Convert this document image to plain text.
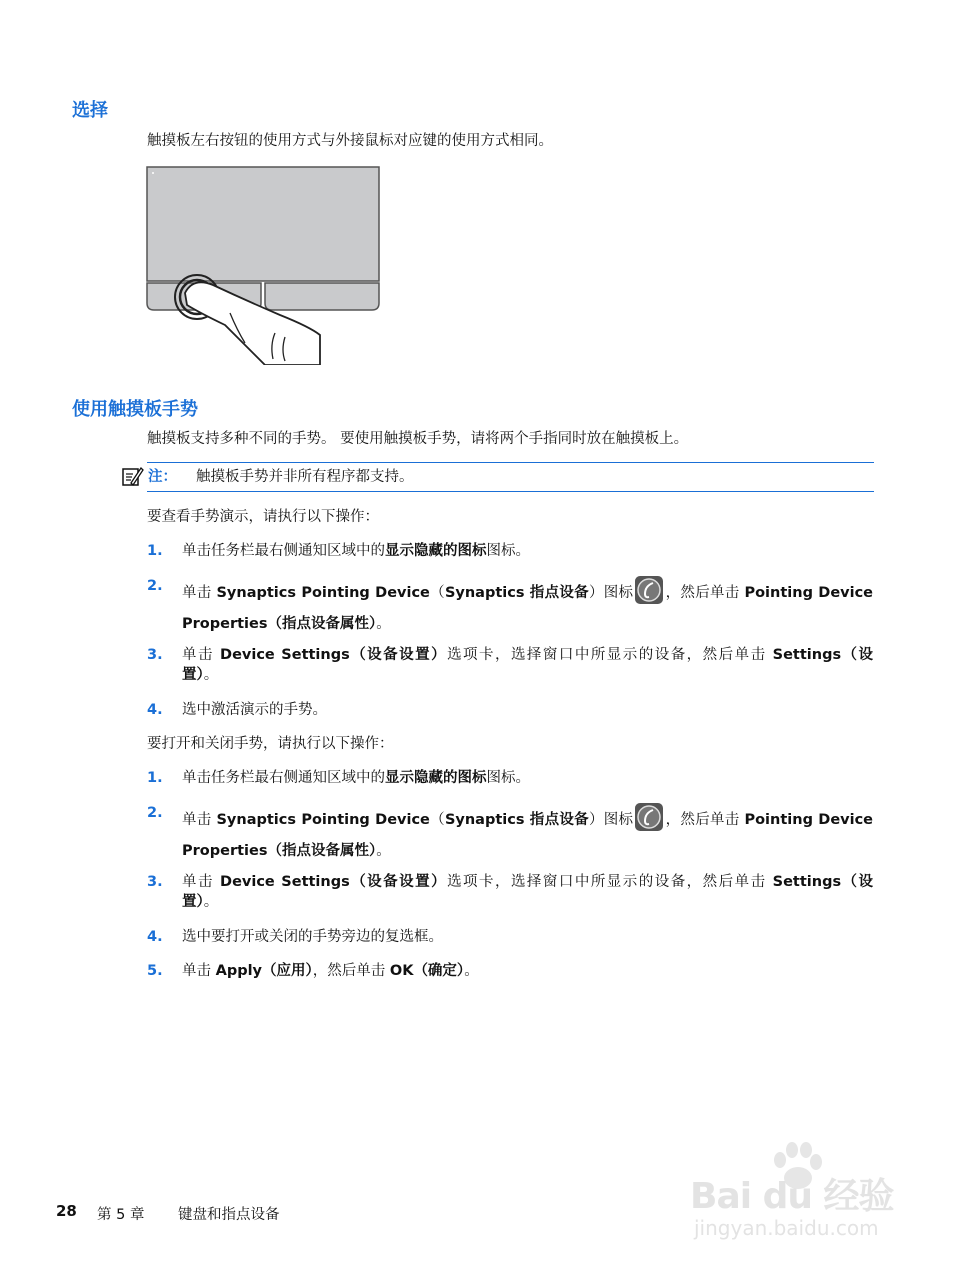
选择
触摸板左右按钮的使用方式与外接鼠标对应键的使用方式相同。
使用触摸板手势
触摸板支持多种不同的手势。 要使用触摸板手势，请将两个手指同时放在触摸板上。
注： 触摸板手势并非所有程序都支持。
要查看手势演示，请执行以下操作：
1. 单击任务栏最右侧通知区域中的显示隐藏的图标图标。
2. 单击 Synaptics Pointing Device（Synaptics 指点设备）图标 ，然后单击 Pointing Device
Properties（指点设备属性）。
3. 单击 Device Settings（设备设置）选项卡，选择窗口中所显示的设备，然后单击 Settings（设
置）。
4. 选中激活演示的手势。
要打开和关闭手势，请执行以下操作：
1. 单击任务栏最右侧通知区域中的显示隐藏的图标图标。
2. 单击 Synaptics Pointing Device（Synaptics 指点设备）图标 ，然后单击 Pointing Device
Properties（指点设备属性）。
3. 单击 Device Settings（设备设置）选项卡，选择窗口中所显示的设备，然后单击 Settings（设
置）。
4. 选中要打开或关闭的手势旁边的复选框。
5. 单击 Apply（应用），然后单击 OK（确定）。
28 第 5 章 键盘和指点设备	Bai du 经验
jingyan.baidu.com
